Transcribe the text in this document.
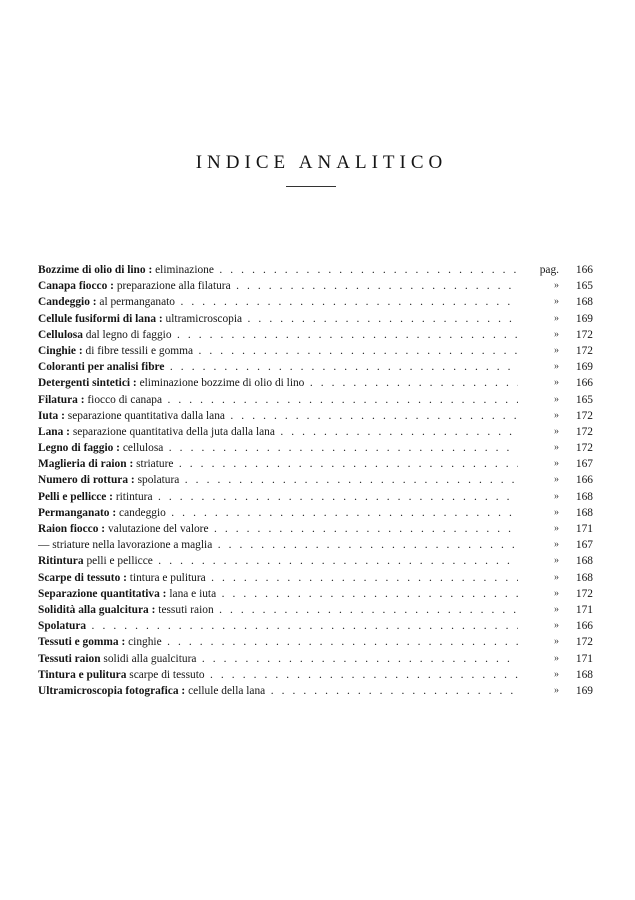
INDICE ANALITICO
Bozzime di olio di lino : eliminazione . . .	pag.	166
Canapa fiocco : preparazione alla filatura . . .	»	165
Candeggio : al permanganato . . .	»	168
Cellule fusiformi di lana : ultramicroscopia . . .	»	169
Cellulosa dal legno di faggio . . .	»	172
Cinghie : di fibre tessili e gomma . . .	»	172
Coloranti per analisi fibre . . .	»	169
Detergenti sintetici : eliminazione bozzime di olio di lino . . .	»	166
Filatura : fiocco di canapa . . .	»	165
Iuta : separazione quantitativa dalla lana . . .	»	172
Lana : separazione quantitativa della juta dalla lana . . .	»	172
Legno di faggio : cellulosa . . .	»	172
Maglieria di raion : striature . . .	»	167
Numero di rottura : spolatura . . .	»	166
Pelli e pellicce : ritintura . . .	»	168
Permanganato : candeggio . . .	»	168
Raion fiocco : valutazione del valore . . .	»	171
— striature nella lavorazione a maglia . . .	»	167
Ritintura pelli e pellicce . . .	»	168
Scarpe di tessuto : tintura e pulitura . . .	»	168
Separazione quantitativa : lana e iuta . . .	»	172
Solidità alla gualcitura : tessuti raion . . .	»	171
Spolatura . . .	»	166
Tessuti e gomma : cinghie . . .	»	172
Tessuti raion solidi alla gualcitura . . .	»	171
Tintura e pulitura scarpe di tessuto . . .	»	168
Ultramicroscopia fotografica : cellule della lana . . .	»	169
